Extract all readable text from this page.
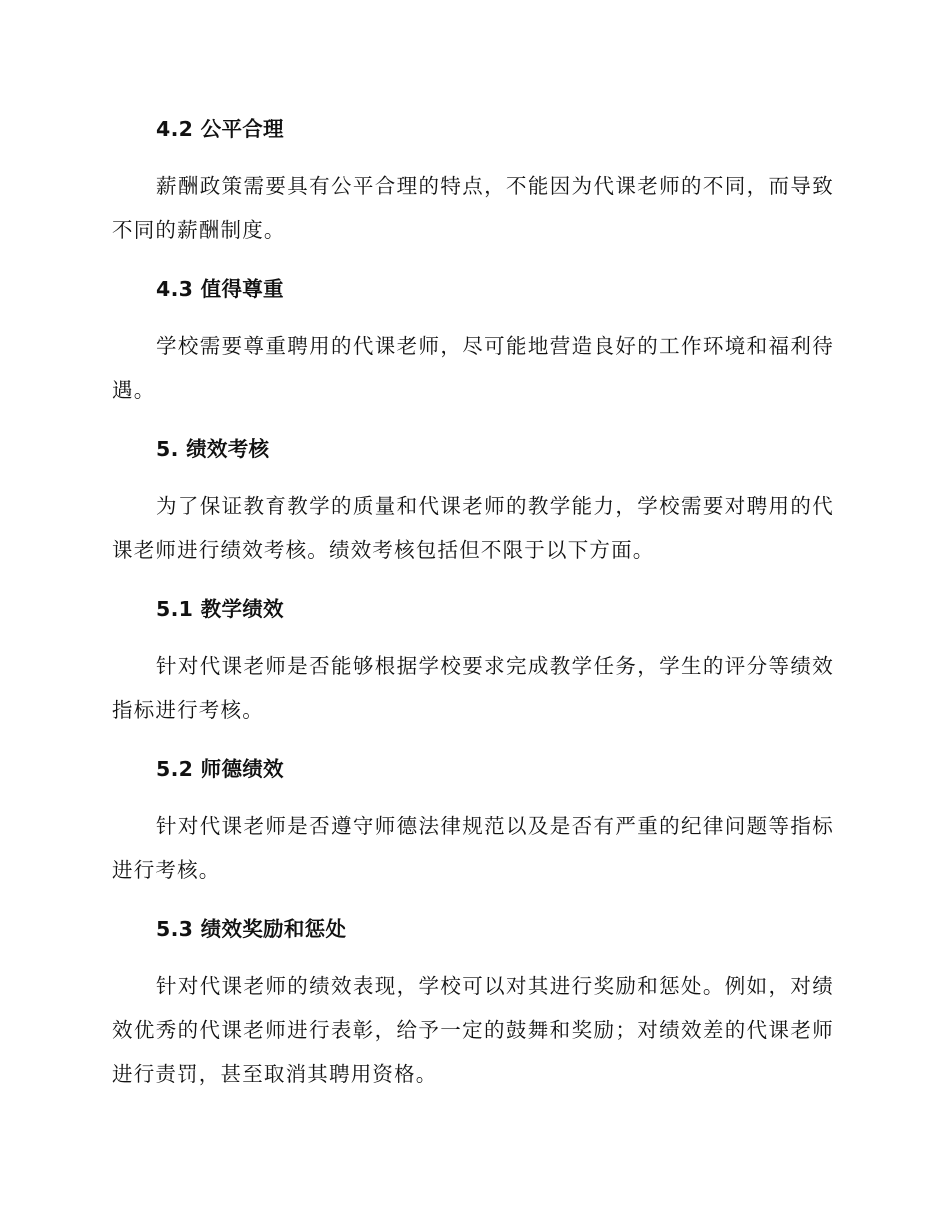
4.2 公平合理

薪酬政策需要具有公平合理的特点，不能因为代课老师的不同，而导致不同的薪酬制度。

4.3 值得尊重

学校需要尊重聘用的代课老师，尽可能地营造良好的工作环境和福利待遇。

5. 绩效考核

为了保证教育教学的质量和代课老师的教学能力，学校需要对聘用的代课老师进行绩效考核。绩效考核包括但不限于以下方面。

5.1 教学绩效

针对代课老师是否能够根据学校要求完成教学任务，学生的评分等绩效指标进行考核。

5.2 师德绩效

针对代课老师是否遵守师德法律规范以及是否有严重的纪律问题等指标进行考核。

5.3 绩效奖励和惩处

针对代课老师的绩效表现，学校可以对其进行奖励和惩处。例如，对绩效优秀的代课老师进行表彰，给予一定的鼓舞和奖励；对绩效差的代课老师进行责罚，甚至取消其聘用资格。
